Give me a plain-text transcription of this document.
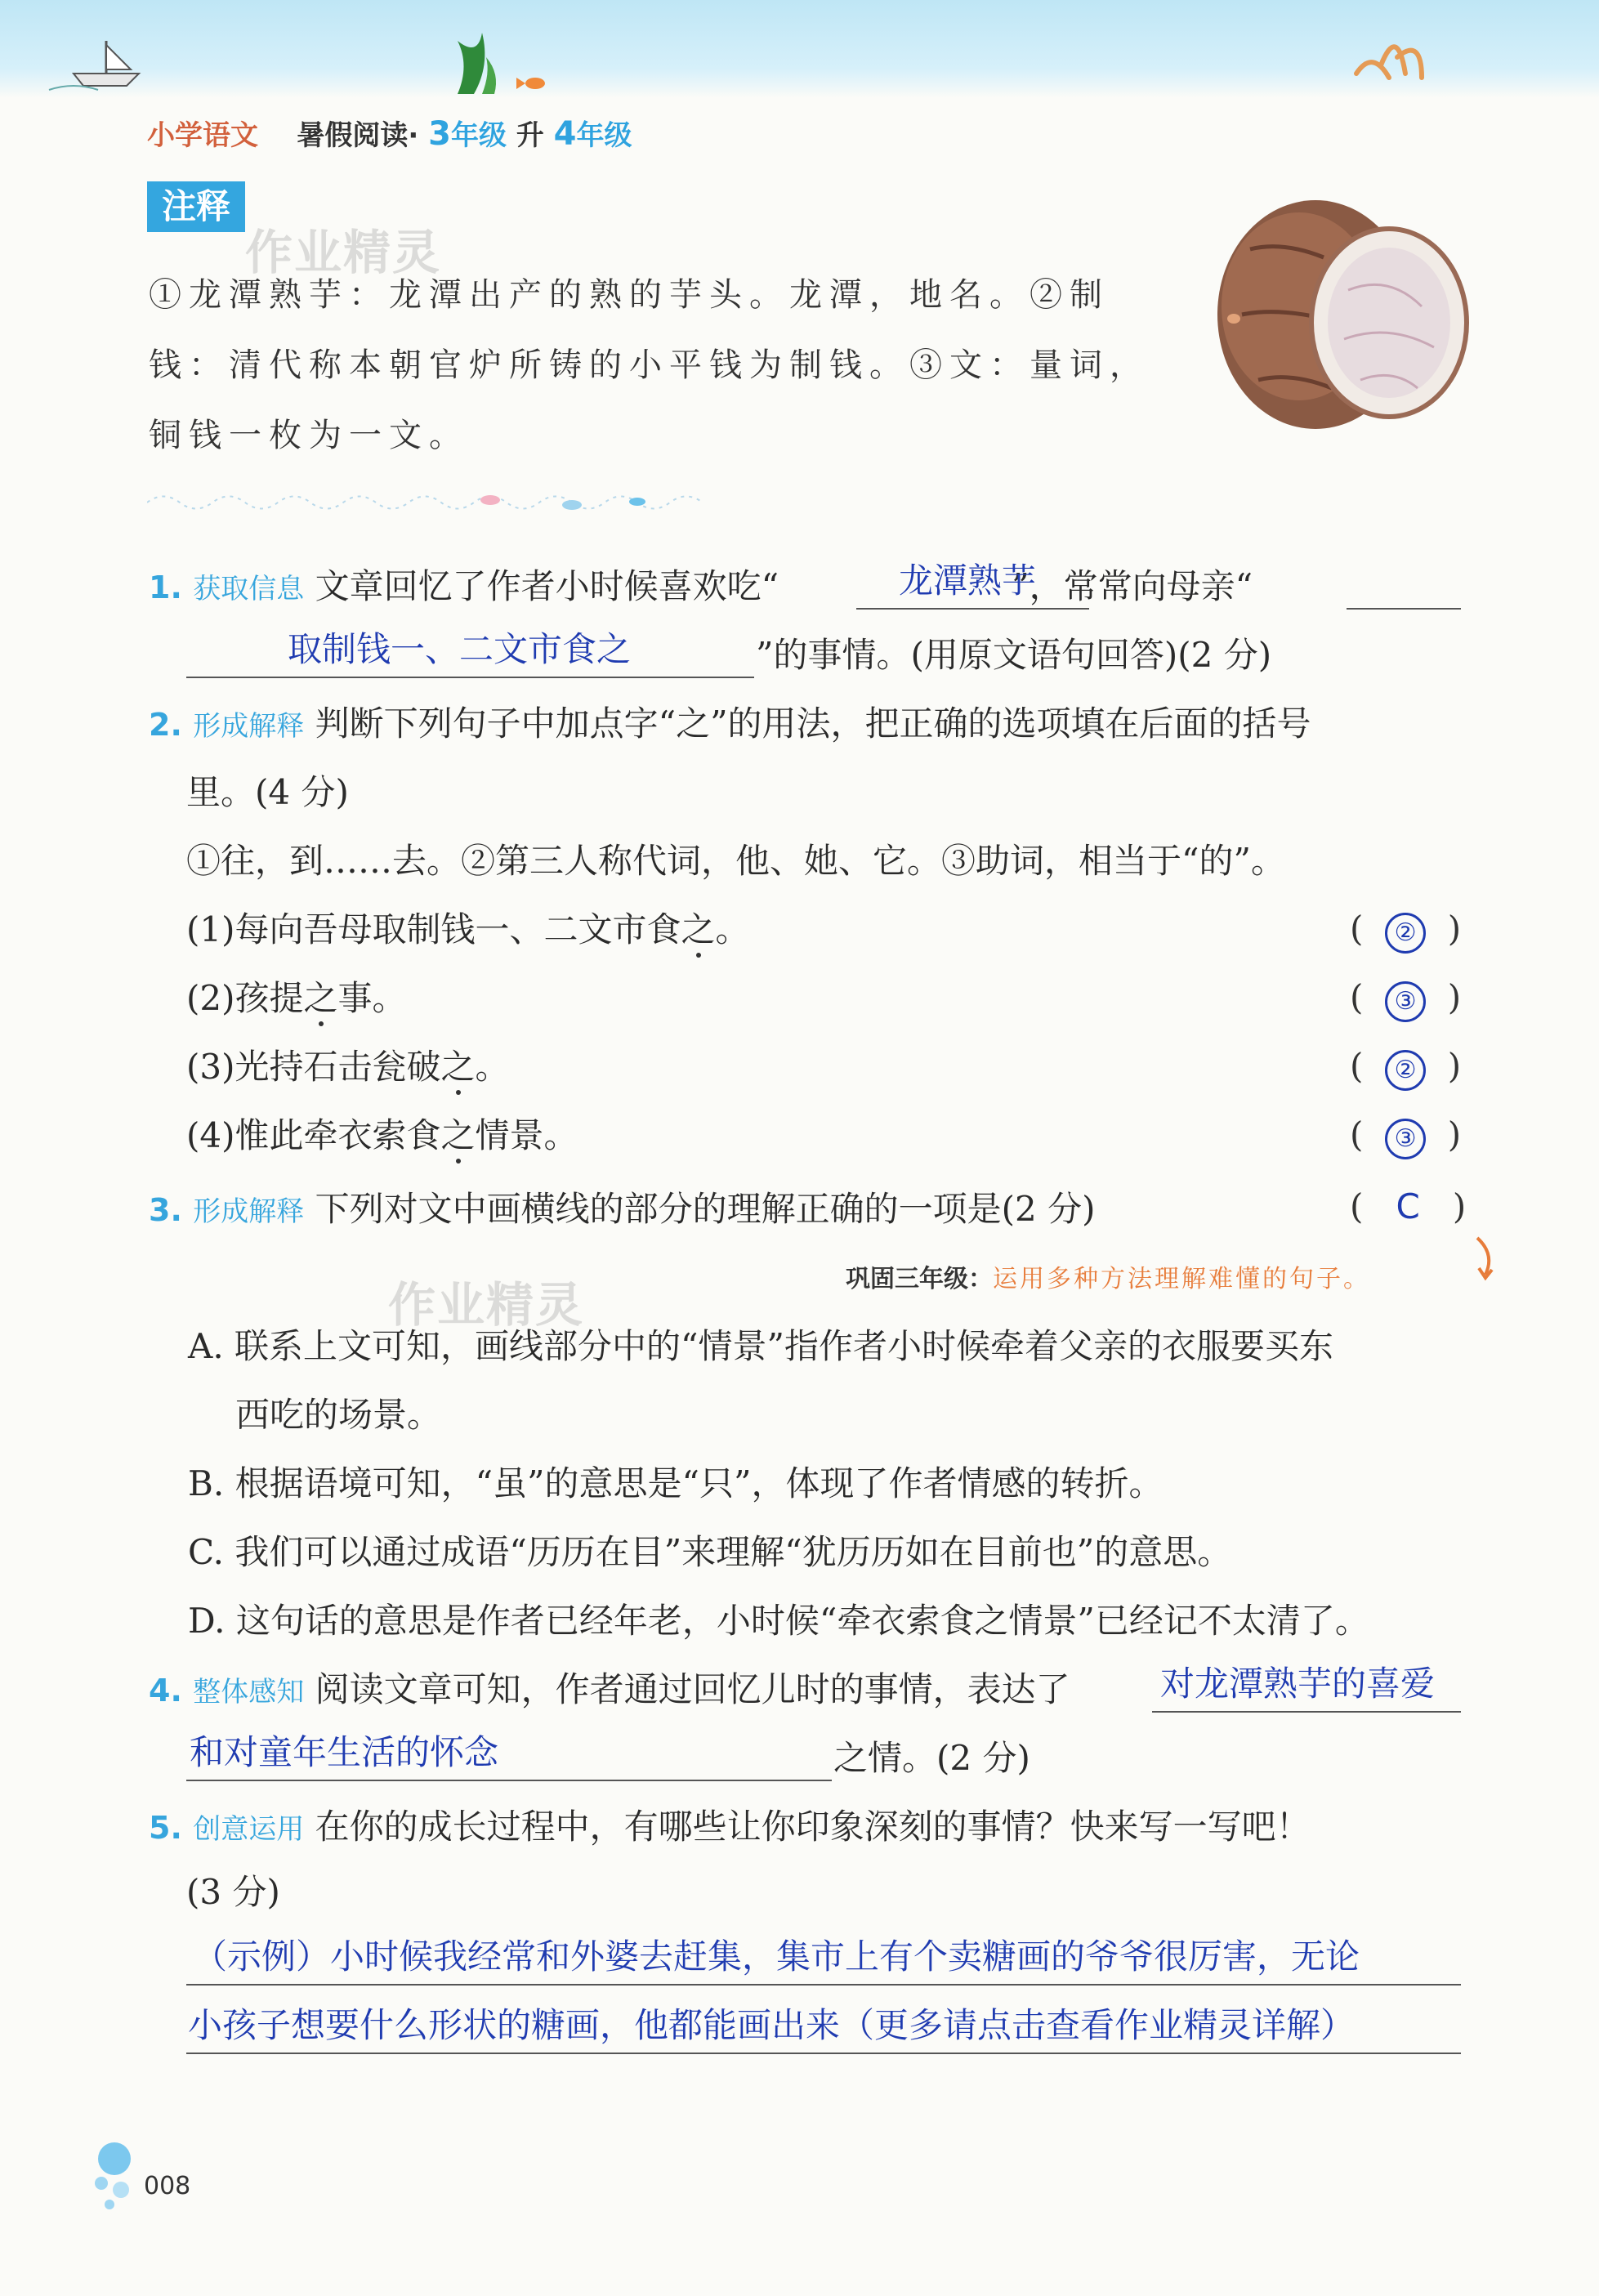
小学语文 暑假阅读· 3年级 升 4年级
注释
作业精灵
①龙潭熟芋：龙潭出产的熟的芋头。龙潭，地名。②制钱：清代称本朝官炉所铸的小平钱为制钱。③文：量词，铜钱一枚为一文。
1. 获取信息 文章回忆了作者小时候喜欢吃“	”，常常向母亲“
龙潭熟芋
取制钱一、二文市食之	”的事情。(用原文语句回答)(2 分)
2. 形成解释 判断下列句子中加点字“之”的用法，把正确的选项填在后面的括号
里。(4 分)
①往，到……去。②第三人称代词，他、她、它。③助词，相当于“的”。
(1)每向吾母取制钱一、二文市食之。	(  ②  )
(2)孩提之事。	(  ③  )
(3)光持石击瓮破之。	(  ②  )
(4)惟此牵衣索食之情景。	(  ③  )
3. 形成解释 下列对文中画横线的部分的理解正确的一项是(2 分)	(   C   )
巩固三年级：运用多种方法理解难懂的句子。
作业精灵
A. 联系上文可知，画线部分中的“情景”指作者小时候牵着父亲的衣服要买东
西吃的场景。
B. 根据语境可知，“虽”的意思是“只”，体现了作者情感的转折。
C. 我们可以通过成语“历历在目”来理解“犹历历如在目前也”的意思。
D. 这句话的意思是作者已经年老，小时候“牵衣索食之情景”已经记不太清了。
4. 整体感知 阅读文章可知，作者通过回忆儿时的事情，表达了	对龙潭熟芋的喜爱
和对童年生活的怀念	之情。(2 分)
5. 创意运用 在你的成长过程中，有哪些让你印象深刻的事情？快来写一写吧！
(3 分)
（示例）小时候我经常和外婆去赶集，集市上有个卖糖画的爷爷很厉害，无论
小孩子想要什么形状的糖画，他都能画出来（更多请点击查看作业精灵详解）
008
